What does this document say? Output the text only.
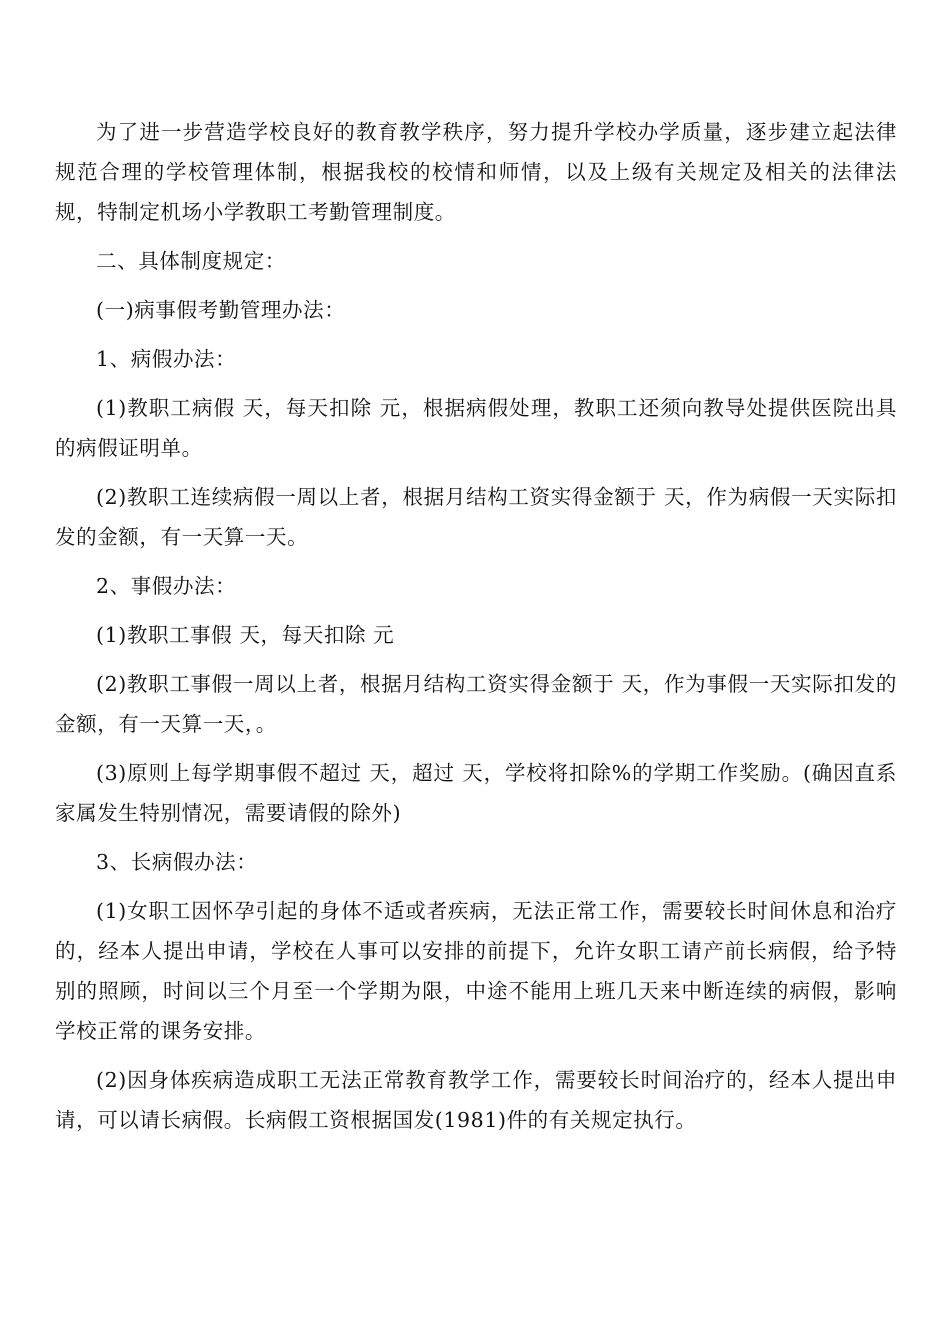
为了进一步营造学校良好的教育教学秩序，努力提升学校办学质量，逐步建立起法律规范合理的学校管理体制，根据我校的校情和师情，以及上级有关规定及相关的法律法规，特制定机场小学教职工考勤管理制度。

二、具体制度规定：

(一)病事假考勤管理办法：

1、病假办法：

(1)教职工病假 天，每天扣除 元，根据病假处理，教职工还须向教导处提供医院出具的病假证明单。

(2)教职工连续病假一周以上者，根据月结构工资实得金额于 天，作为病假一天实际扣发的金额，有一天算一天。

2、事假办法：

(1)教职工事假 天，每天扣除 元

(2)教职工事假一周以上者，根据月结构工资实得金额于 天，作为事假一天实际扣发的金额，有一天算一天，。

(3)原则上每学期事假不超过 天，超过 天，学校将扣除%的学期工作奖励。(确因直系家属发生特别情况，需要请假的除外)

3、长病假办法：

(1)女职工因怀孕引起的身体不适或者疾病，无法正常工作，需要较长时间休息和治疗的，经本人提出申请，学校在人事可以安排的前提下，允许女职工请产前长病假，给予特别的照顾，时间以三个月至一个学期为限，中途不能用上班几天来中断连续的病假，影响学校正常的课务安排。

(2)因身体疾病造成职工无法正常教育教学工作，需要较长时间治疗的，经本人提出申请，可以请长病假。长病假工资根据国发(1981)件的有关规定执行。
